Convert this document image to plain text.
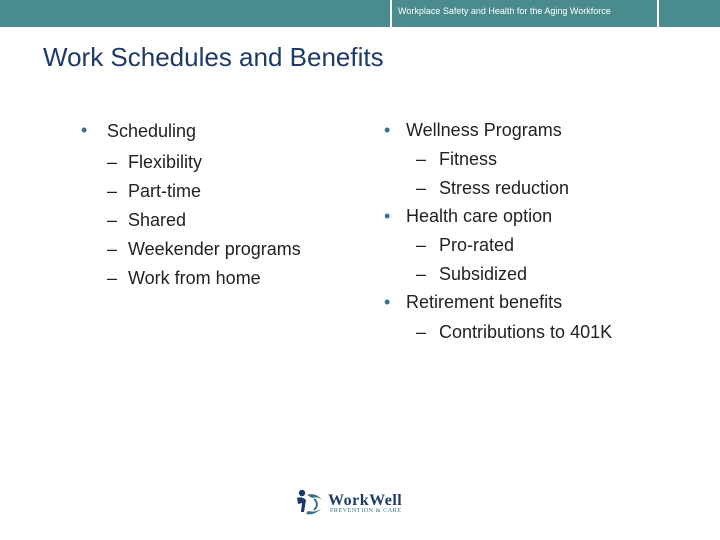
Workplace Safety and Health for the Aging Workforce
Work Schedules and Benefits
• Scheduling
– Flexibility
– Part-time
– Shared
– Weekender programs
– Work from home
• Wellness Programs
– Fitness
– Stress reduction
• Health care option
– Pro-rated
– Subsidized
• Retirement benefits
– Contributions to 401K
WorkWell
PREVENTION & CARE
